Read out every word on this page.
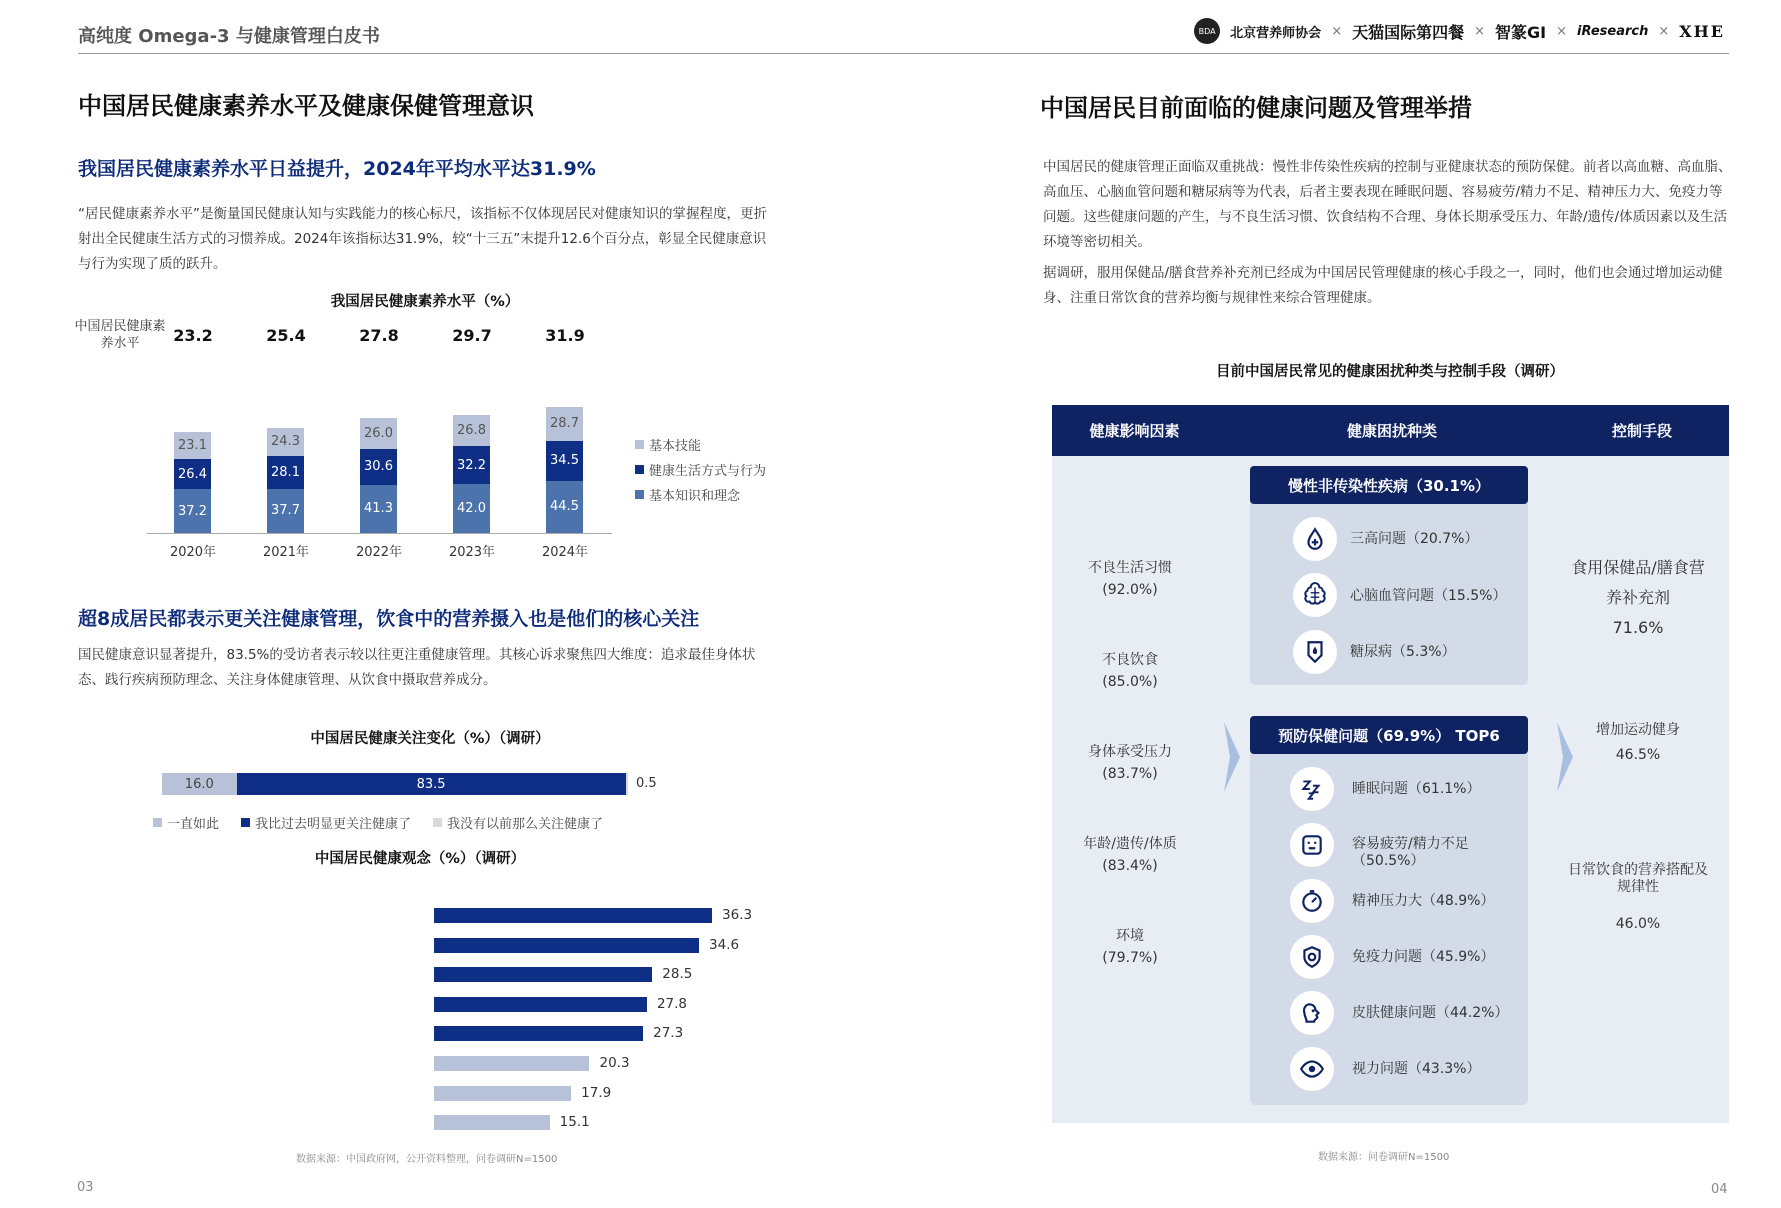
高纯度 Omega-3 与健康管理白皮书	BDA	北京营养师协会 × 天猫国际第四餐 × 智篆GI × iResearch × XHE
中国居民健康素养水平及健康保健管理意识
我国居民健康素养水平日益提升，2024年平均水平达31.9%
“居民健康素养水平”是衡量国民健康认知与实践能力的核心标尺，该指标不仅体现居民对健康知识的掌握程度，更折射出全民健康生活方式的习惯养成。2024年该指标达31.9%，较“十三五”末提升12.6个百分点，彰显全民健康意识与行为实现了质的跃升。
我国居民健康素养水平（%）
中国居民健康素养水平
37.2
26.4
23.1
23.2
2020年
37.7
28.1
24.3
25.4
2021年
41.3
30.6
26.0
27.8
2022年
42.0
32.2
26.8
29.7
2023年
44.5
34.5
28.7
31.9
2024年
基本技能
健康生活方式与行为
基本知识和理念
超8成居民都表示更关注健康管理，饮食中的营养摄入也是他们的核心关注
国民健康意识显著提升，83.5%的受访者表示较以往更注重健康管理。其核心诉求聚焦四大维度：追求最佳身体状态、践行疾病预防理念、关注身体健康管理、从饮食中摄取营养成分。
中国居民健康关注变化（%）（调研）
16.0	83.5	0.5
一直如此	我比过去明显更关注健康了	我没有以前那么关注健康了
中国居民健康观念（%）（调研）
36.3
34.6
28.5
27.8
27.3
20.3
17.9
15.1
数据来源：中国政府网，公开资料整理，问卷调研N=1500
03
中国居民目前面临的健康问题及管理举措
中国居民的健康管理正面临双重挑战：慢性非传染性疾病的控制与亚健康状态的预防保健。前者以高血糖、高血脂、高血压、心脑血管问题和糖尿病等为代表，后者主要表现在睡眠问题、容易疲劳/精力不足、精神压力大、免疫力等问题。这些健康问题的产生，与不良生活习惯、饮食结构不合理、身体长期承受压力、年龄/遗传/体质因素以及生活环境等密切相关。
据调研，服用保健品/膳食营养补充剂已经成为中国居民管理健康的核心手段之一，同时，他们也会通过增加运动健身、注重日常饮食的营养均衡与规律性来综合管理健康。
目前中国居民常见的健康困扰种类与控制手段（调研）
健康影响因素	健康困扰种类	控制手段
不良生活习惯
(92.0%)
不良饮食
(85.0%)
身体承受压力
(83.7%)
年龄/遗传/体质
(83.4%)
环境
(79.7%)
慢性非传染性疾病（30.1%）
三高问题（20.7%）
心脑血管问题（15.5%）
糖尿病（5.3%）
预防保健问题（69.9%） TOP6
睡眠问题（61.1%）
容易疲劳/精力不足
（50.5%）
精神压力大（48.9%）
免疫力问题（45.9%）
皮肤健康问题（44.2%）
视力问题（43.3%）
食用保健品/膳食营
养补充剂
71.6%
增加运动健身
46.5%
日常饮食的营养搭配及
规律性
46.0%
数据来源：问卷调研N=1500
04
